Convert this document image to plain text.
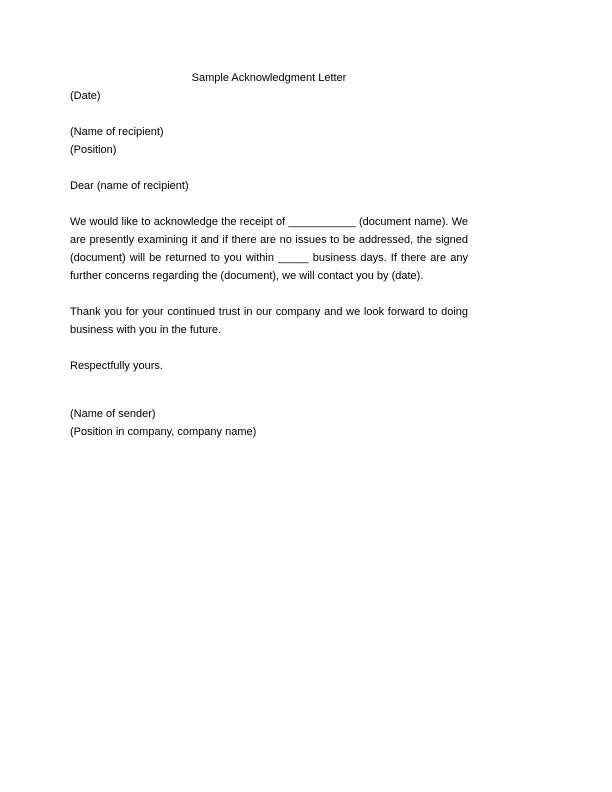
Sample Acknowledgment Letter
(Date)
(Name of recipient)
(Position)
Dear (name of recipient)
We would like to acknowledge the receipt of ___________ (document name). We
are presently examining it and if there are no issues to be addressed, the signed
(document) will be returned to you within _____ business days. If there are any
further concerns regarding the (document), we will contact you by (date).
Thank you for your continued trust in our company and we look forward to doing
business with you in the future.
Respectfully yours.
(Name of sender)
(Position in company, company name)
